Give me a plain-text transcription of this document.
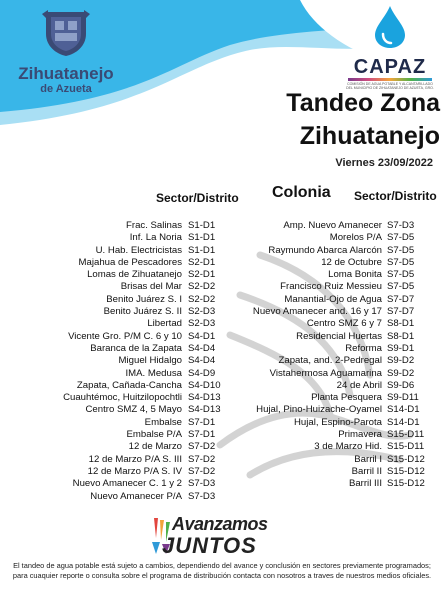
Zihuatanejo
de Azueta
CAPAZ
COMISIÓN DE AGUA POTABLE Y ALCANTARILLADO DEL MUNICIPIO DE ZIHUATANEJO DE AZUETA, GRO.
Tandeo Zona
Zihuatanejo
Viernes 23/09/2022
Sector/Distrito Colonia Sector/Distrito
Frac. Salinas S1-D1
Inf. La Noria S1-D1
U. Hab. Electricistas S1-D1
Majahua de Pescadores S2-D1
Lomas de Zihuatanejo S2-D1
Brisas del Mar S2-D2
Benito Juárez S. I S2-D2
Benito Juárez S. II S2-D3
Libertad S2-D3
Vicente Gro. P/M C. 6 y 10 S4-D1
Baranca de la Zapata S4-D4
Miguel Hidalgo S4-D4
IMA. Medusa S4-D9
Zapata, Cañada-Cancha S4-D10
Cuauhtémoc, Huitzilopochtli S4-D13
Centro SMZ 4, 5 Mayo S4-D13
Embalse S7-D1
Embalse P/A S7-D1
12 de Marzo S7-D2
12 de Marzo P/A S. III S7-D2
12 de Marzo P/A S. IV S7-D2
Nuevo Amanecer C. 1 y 2 S7-D3
Nuevo Amanecer P/A S7-D3
Amp. Nuevo Amanecer S7-D3
Morelos P/A S7-D5
Raymundo Abarca Alarcón S7-D5
12 de Octubre S7-D5
Loma Bonita S7-D5
Francisco Ruiz Messieu S7-D5
Manantial-Ojo de Agua S7-D7
Nuevo Amanecer and. 16 y 17 S7-D7
Centro SMZ 6 y 7 S8-D1
Residencial Huertas S8-D1
Reforma S9-D1
Zapata, and. 2-Pedregal S9-D2
Vistahermosa Aguamarina S9-D2
24 de Abril S9-D6
Planta Pesquera S9-D11
Hujal, Pino-Huizache-Oyamel S14-D1
Hujal, Espino-Parota S14-D1
Primavera S15-D11
3 de Marzo Hid. S15-D11
Barril I S15-D12
Barril II S15-D12
Barril III S15-D12
Avanzamos
JUNTOS
El tandeo de agua potable está sujeto a cambios, dependiendo del avance y conclusión en sectores previamente programados; para cuaquier reporte o consulta sobre el programa de distribución contacta con nosotros a traves de nuestros medios oficiales.
